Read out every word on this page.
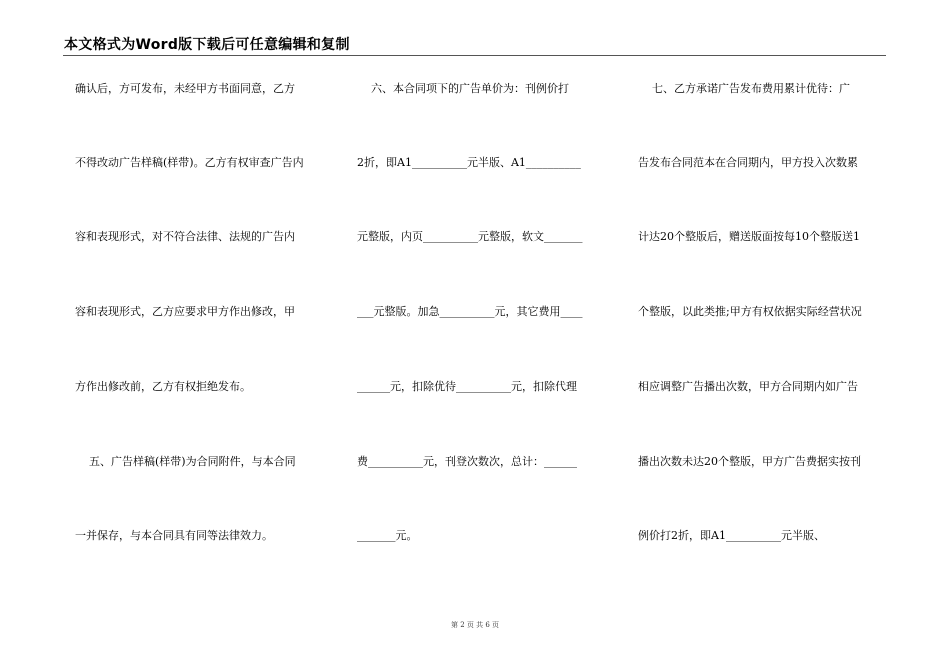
本文格式为Word版下载后可任意编辑和复制
确认后，方可发布，未经甲方书面同意，乙方
不得改动广告样稿(样带)。乙方有权审查广告内
容和表现形式，对不符合法律、法规的广告内
容和表现形式，乙方应要求甲方作出修改，甲
方作出修改前，乙方有权拒绝发布。
五、广告样稿(样带)为合同附件，与本合同
一并保存，与本合同具有同等法律效力。
六、本合同项下的广告单价为：刊例价打
2折，即A1__________元半版、A1__________
元整版，内页__________元整版，软文_______
___元整版。加急__________元，其它费用____
______元，扣除优待__________元，扣除代理
费__________元，刊登次数次，总计：______
_______元。
七、乙方承诺广告发布费用累计优待：广
告发布合同范本在合同期内，甲方投入次数累
计达20个整版后，赠送版面按每10个整版送1
个整版，以此类推;甲方有权依据实际经营状况
相应调整广告播出次数，甲方合同期内如广告
播出次数未达20个整版，甲方广告费据实按刊
例价打2折，即A1__________元半版、
第 2 页 共 6 页
